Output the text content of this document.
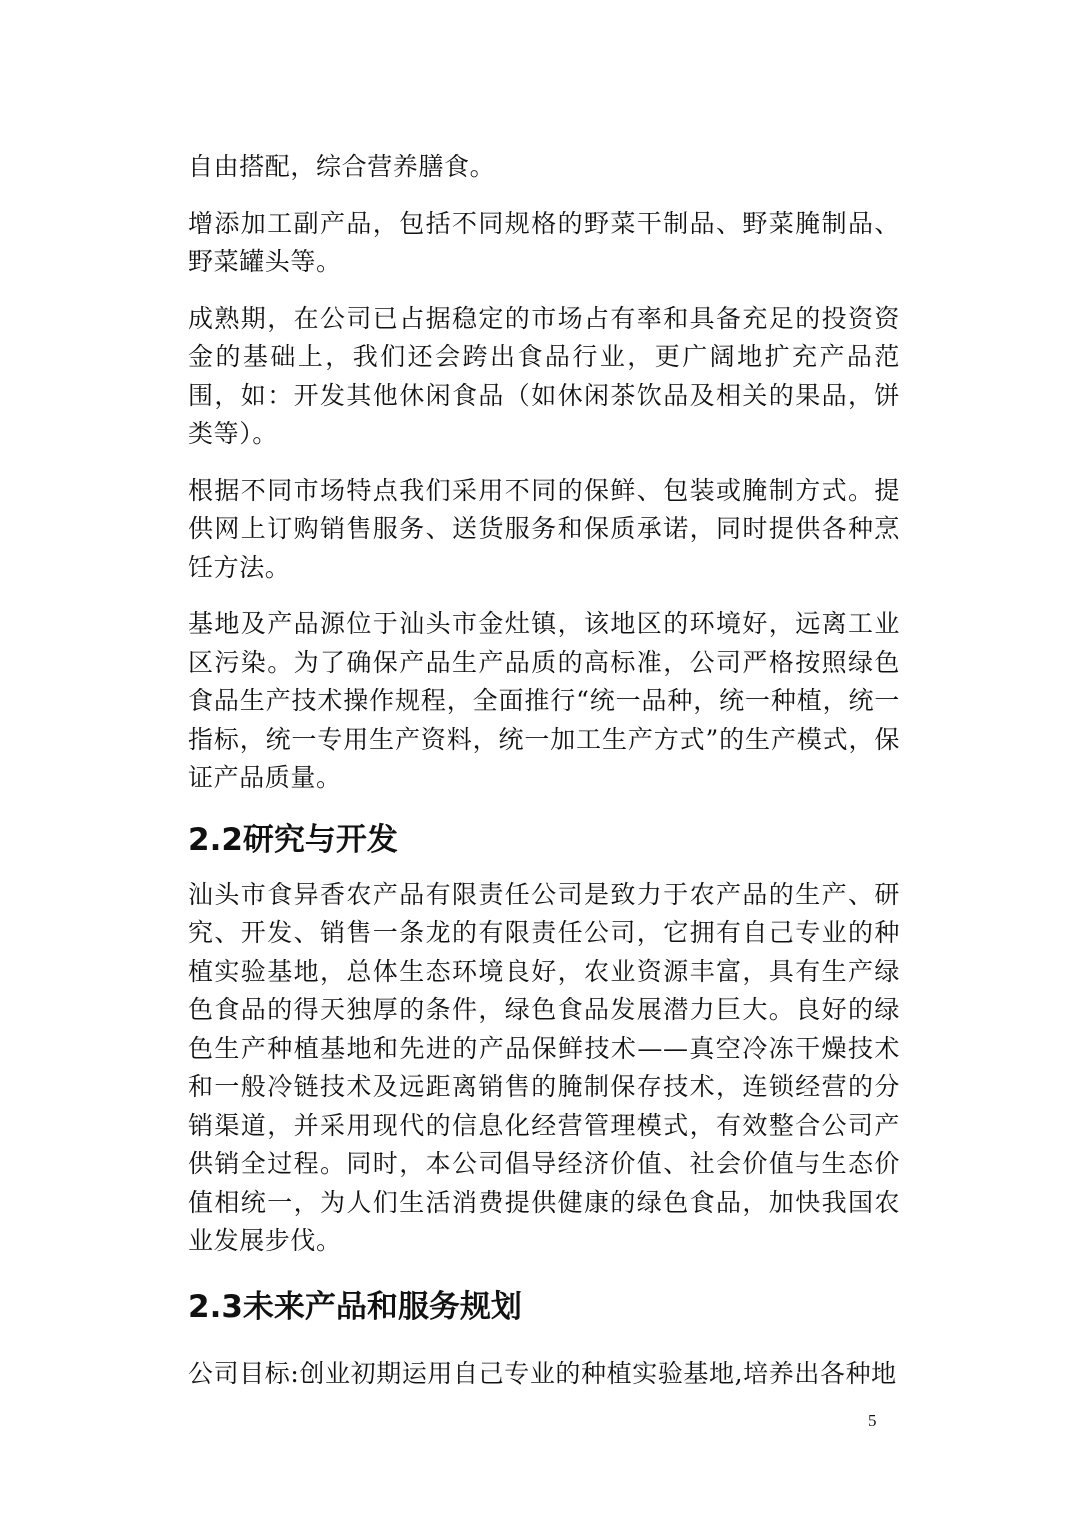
自由搭配，综合营养膳食。

增添加工副产品，包括不同规格的野菜干制品、野菜腌制品、野菜罐头等。

成熟期，在公司已占据稳定的市场占有率和具备充足的投资资金的基础上，我们还会跨出食品行业，更广阔地扩充产品范围，如：开发其他休闲食品（如休闲茶饮品及相关的果品，饼类等）。

根据不同市场特点我们采用不同的保鲜、包装或腌制方式。提供网上订购销售服务、送货服务和保质承诺，同时提供各种烹饪方法。

基地及产品源位于汕头市金灶镇，该地区的环境好，远离工业区污染。为了确保产品生产品质的高标准，公司严格按照绿色食品生产技术操作规程，全面推行“统一品种，统一种植，统一指标，统一专用生产资料，统一加工生产方式”的生产模式，保证产品质量。

2.2研究与开发

汕头市食异香农产品有限责任公司是致力于农产品的生产、研究、开发、销售一条龙的有限责任公司，它拥有自己专业的种植实验基地，总体生态环境良好，农业资源丰富，具有生产绿色食品的得天独厚的条件，绿色食品发展潜力巨大。良好的绿色生产种植基地和先进的产品保鲜技术——真空冷冻干燥技术和一般冷链技术及远距离销售的腌制保存技术，连锁经营的分销渠道，并采用现代的信息化经营管理模式，有效整合公司产供销全过程。同时，本公司倡导经济价值、社会价值与生态价值相统一，为人们生活消费提供健康的绿色食品，加快我国农业发展步伐。

2.3未来产品和服务规划

公司目标:创业初期运用自己专业的种植实验基地,培养出各种地

5
